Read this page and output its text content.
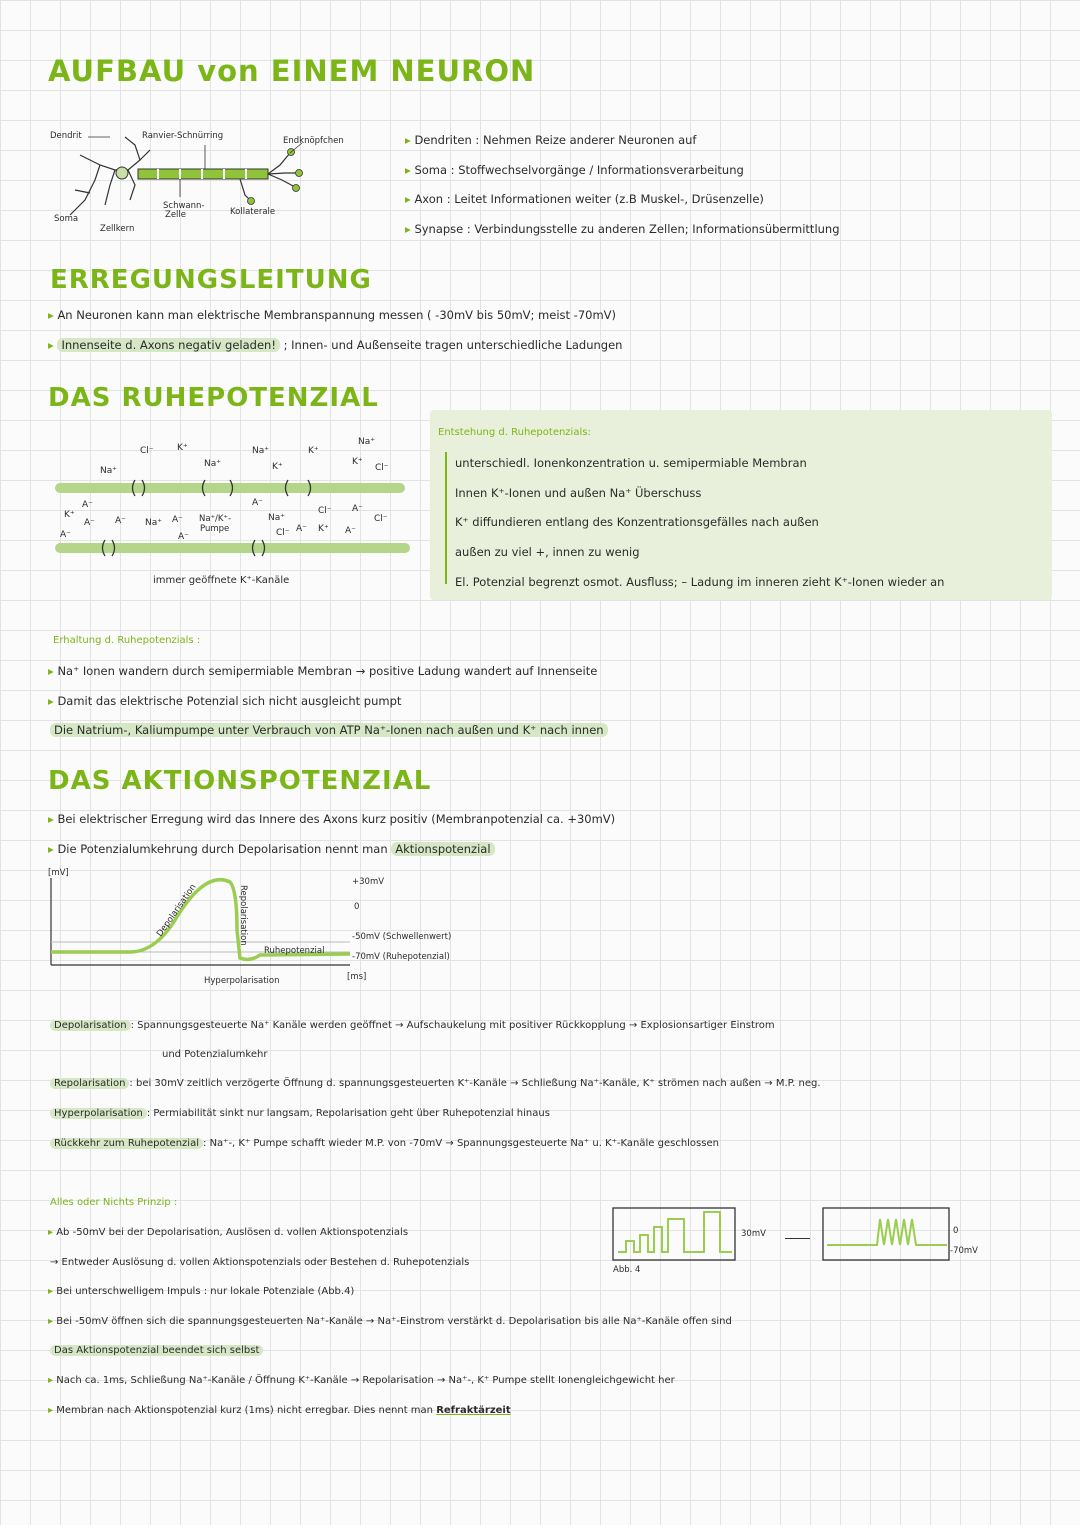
AUFBAU von EINEM NEURON
Dendrit	Ranvier-Schnürring	Endknöpfchen
Soma
Zellkern
Schwann-
Zelle	Kollaterale
▸ Dendriten : Nehmen Reize anderer Neuronen auf
▸ Soma : Stoffwechselvorgänge / Informationsverarbeitung
▸ Axon : Leitet Informationen weiter (z.B Muskel-, Drüsenzelle)
▸ Synapse : Verbindungsstelle zu anderen Zellen; Informationsübermittlung
ERREGUNGSLEITUNG
▸ An Neuronen kann man elektrische Membranspannung messen ( -30mV bis 50mV; meist -70mV)
▸ Innenseite d. Axons negativ geladen! ; Innen- und Außenseite tragen unterschiedliche Ladungen
DAS RUHEPOTENZIAL
Cl⁻	K⁺
Na⁺
Na⁺
Na⁺
K⁺
K⁺
Na⁺
K⁺
Cl⁻
A⁻
K⁺
A⁻ A⁻
A⁻
Na⁺ A⁻
A⁻
Na⁺/K⁺-
Pumpe
A⁻
Na⁺
Cl⁻ A⁻
Cl⁻
K⁺
A⁻
A⁻
Cl⁻
immer geöffnete K⁺-Kanäle
Entstehung d. Ruhepotenzials:
unterschiedl. Ionenkonzentration u. semipermiable Membran
Innen K⁺-Ionen und außen Na⁺ Überschuss
K⁺ diffundieren entlang des Konzentrationsgefälles nach außen
außen zu viel +, innen zu wenig
El. Potenzial begrenzt osmot. Ausfluss; – Ladung im inneren zieht K⁺-Ionen wieder an
Erhaltung d. Ruhepotenzials :
▸ Na⁺ Ionen wandern durch semipermiable Membran → positive Ladung wandert auf Innenseite
▸ Damit das elektrische Potenzial sich nicht ausgleicht pumpt
Die Natrium-, Kaliumpumpe unter Verbrauch von ATP Na⁺-Ionen nach außen und K⁺ nach innen
DAS AKTIONSPOTENZIAL
▸ Bei elektrischer Erregung wird das Innere des Axons kurz positiv (Membranpotenzial ca. +30mV)
▸ Die Potenzialumkehrung durch Depolarisation nennt man Aktionspotenzial
[mV]
Depolarisation	Repolarisation
Ruhepotenzial
Hyperpolarisation
+30mV
0
-50mV (Schwellenwert)
-70mV (Ruhepotenzial)
[ms]
Depolarisation : Spannungsgesteuerte Na⁺ Kanäle werden geöffnet → Aufschaukelung mit positiver Rückkopplung → Explosionsartiger Einstrom
und Potenzialumkehr
Repolarisation : bei 30mV zeitlich verzögerte Öffnung d. spannungsgesteuerten K⁺-Kanäle → Schließung Na⁺-Kanäle, K⁺ strömen nach außen → M.P. neg.
Hyperpolarisation : Permiabilität sinkt nur langsam, Repolarisation geht über Ruhepotenzial hinaus
Rückkehr zum Ruhepotenzial : Na⁺-, K⁺ Pumpe schafft wieder M.P. von -70mV → Spannungsgesteuerte Na⁺ u. K⁺-Kanäle geschlossen
Alles oder Nichts Prinzip :
▸ Ab -50mV bei der Depolarisation, Auslösen d. vollen Aktionspotenzials
→ Entweder Auslösung d. vollen Aktionspotenzials oder Bestehen d. Ruhepotenzials
▸ Bei unterschwelligem Impuls : nur lokale Potenziale (Abb.4)
▸ Bei -50mV öffnen sich die spannungsgesteuerten Na⁺-Kanäle → Na⁺-Einstrom verstärkt d. Depolarisation bis alle Na⁺-Kanäle offen sind
Das Aktionspotenzial beendet sich selbst
▸ Nach ca. 1ms, Schließung Na⁺-Kanäle / Öffnung K⁺-Kanäle → Repolarisation → Na⁺-, K⁺ Pumpe stellt Ionengleichgewicht her
▸ Membran nach Aktionspotenzial kurz (1ms) nicht erregbar. Dies nennt man Refraktärzeit
Abb. 4
30mV	0
-70mV
